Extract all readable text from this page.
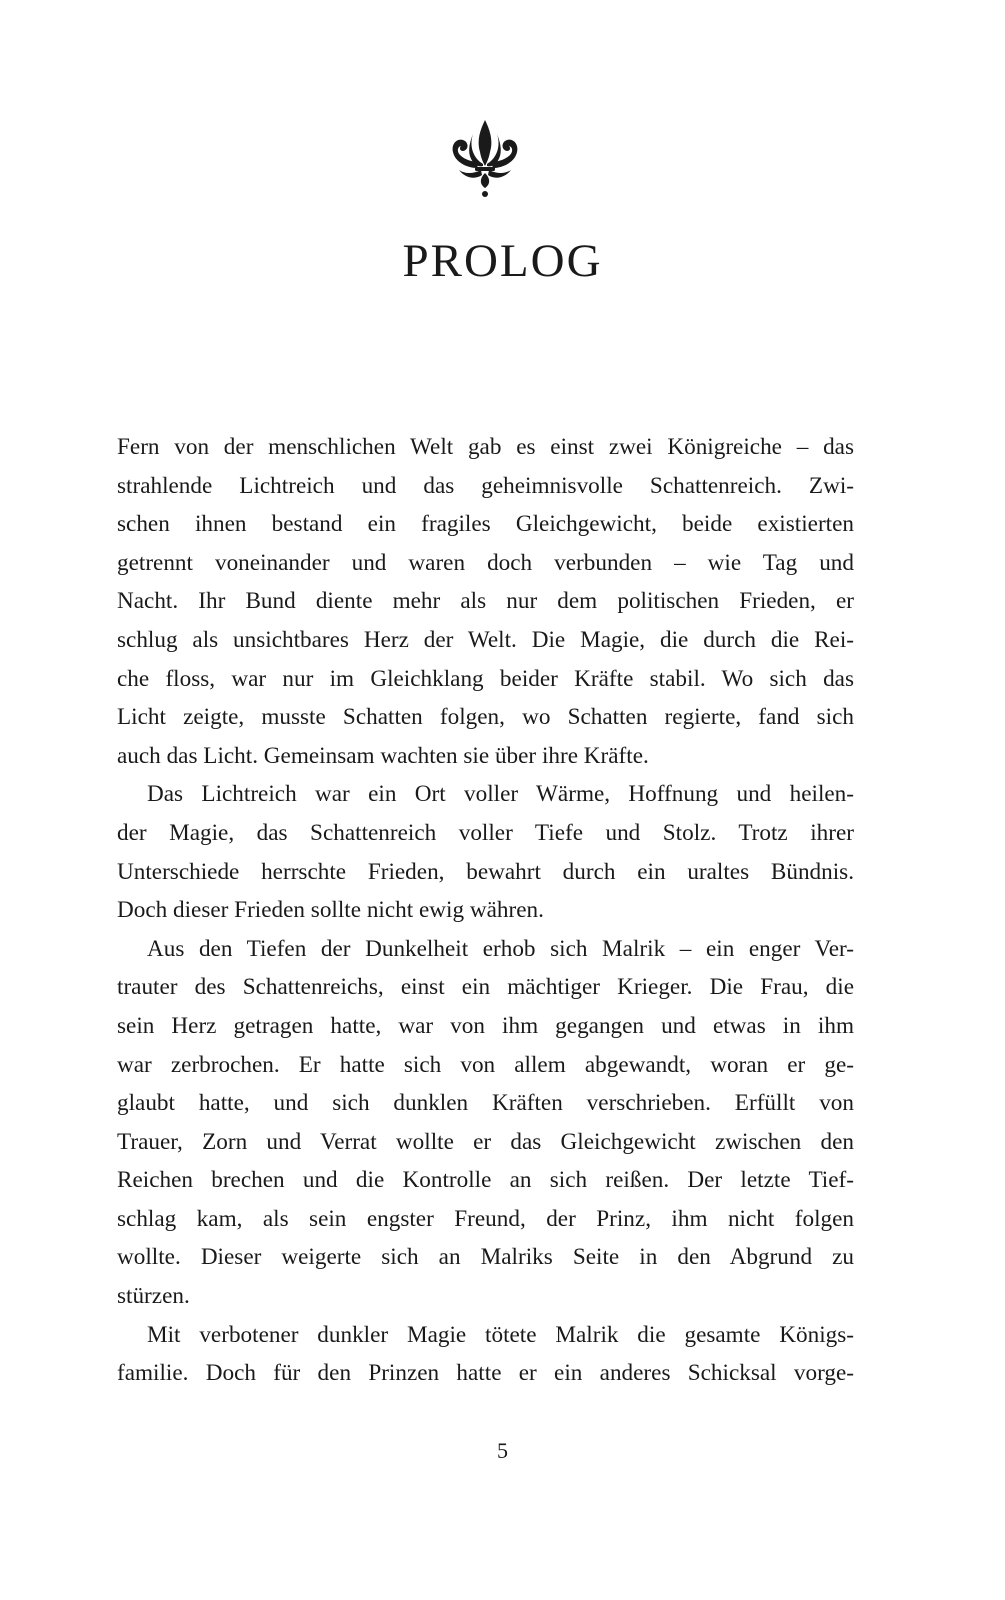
PROLOG
Fern von der menschlichen Welt gab es einst zwei Königreiche – das
strahlende Lichtreich und das geheimnisvolle Schattenreich. Zwi-
schen ihnen bestand ein fragiles Gleichgewicht, beide existierten
getrennt voneinander und waren doch verbunden – wie Tag und
Nacht. Ihr Bund diente mehr als nur dem politischen Frieden, er
schlug als unsichtbares Herz der Welt. Die Magie, die durch die Rei-
che floss, war nur im Gleichklang beider Kräfte stabil. Wo sich das
Licht zeigte, musste Schatten folgen, wo Schatten regierte, fand sich
auch das Licht. Gemeinsam wachten sie über ihre Kräfte.
Das Lichtreich war ein Ort voller Wärme, Hoffnung und heilen-
der Magie, das Schattenreich voller Tiefe und Stolz. Trotz ihrer
Unterschiede herrschte Frieden, bewahrt durch ein uraltes Bündnis.
Doch dieser Frieden sollte nicht ewig währen.
Aus den Tiefen der Dunkelheit erhob sich Malrik – ein enger Ver-
trauter des Schattenreichs, einst ein mächtiger Krieger. Die Frau, die
sein Herz getragen hatte, war von ihm gegangen und etwas in ihm
war zerbrochen. Er hatte sich von allem abgewandt, woran er ge-
glaubt hatte, und sich dunklen Kräften verschrieben. Erfüllt von
Trauer, Zorn und Verrat wollte er das Gleichgewicht zwischen den
Reichen brechen und die Kontrolle an sich reißen. Der letzte Tief-
schlag kam, als sein engster Freund, der Prinz, ihm nicht folgen
wollte. Dieser weigerte sich an Malriks Seite in den Abgrund zu
stürzen.
Mit verbotener dunkler Magie tötete Malrik die gesamte Königs-
familie. Doch für den Prinzen hatte er ein anderes Schicksal vorge-
5
